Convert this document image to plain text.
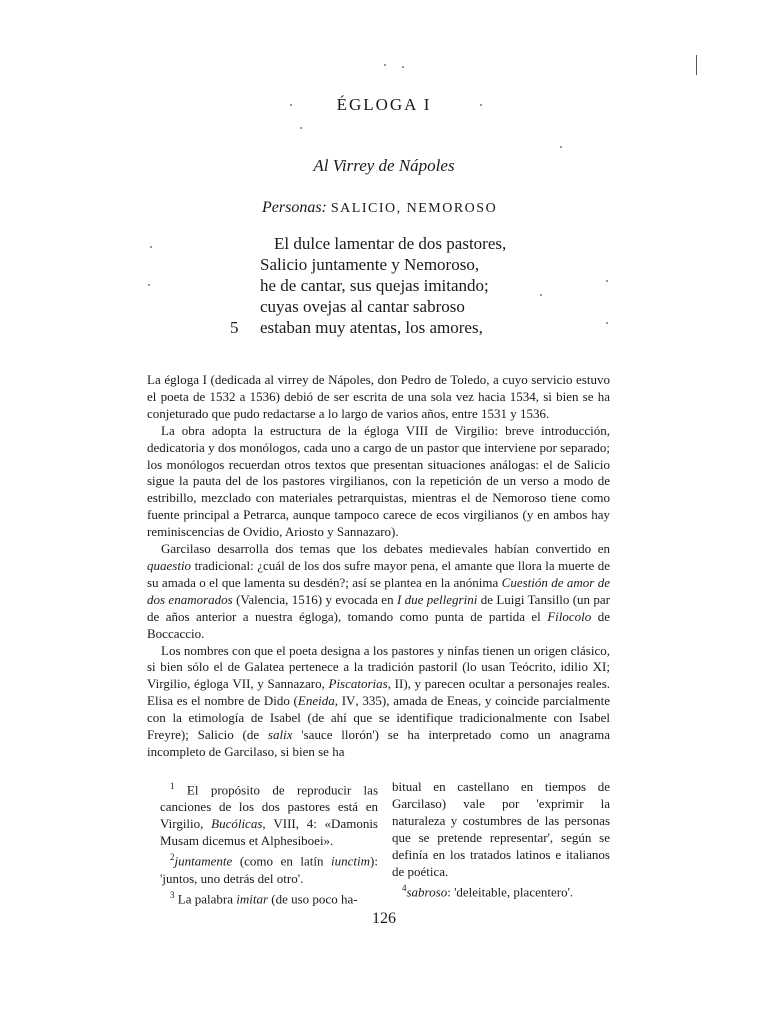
ÉGLOGA I
Al Virrey de Nápoles
Personas: SALICIO, NEMOROSO
El dulce lamentar de dos pastores,
Salicio juntamente y Nemoroso,
he de cantar, sus quejas imitando;
cuyas ovejas al cantar sabroso
5 estaban muy atentas, los amores,

La égloga I (dedicada al virrey de Nápoles, don Pedro de Toledo, a cuyo servicio estuvo el poeta de 1532 a 1536) debió de ser escrita de una sola vez hacia 1534, si bien se ha conjeturado que pudo redactarse a lo largo de varios años, entre 1531 y 1536.

La obra adopta la estructura de la égloga VIII de Virgilio: breve introducción, dedicatoria y dos monólogos, cada uno a cargo de un pastor que interviene por separado; los monólogos recuerdan otros textos que presentan situaciones análogas: el de Salicio sigue la pauta del de los pastores virgilianos, con la repetición de un verso a modo de estribillo, mezclado con materiales petrarquistas, mientras el de Nemoroso tiene como fuente principal a Petrarca, aunque tampoco carece de ecos virgilianos (y en ambos hay reminiscencias de Ovidio, Ariosto y Sannazaro).

Garcilaso desarrolla dos temas que los debates medievales habían convertido en quaestio tradicional: ¿cuál de los dos sufre mayor pena, el amante que llora la muerte de su amada o el que lamenta su desdén?; así se plantea en la anónima Cuestión de amor de dos enamorados (Valencia, 1516) y evocada en I due pellegrini de Luigi Tansillo (un par de años anterior a nuestra égloga), tomando como punta de partida el Filocolo de Boccaccio.

Los nombres con que el poeta designa a los pastores y ninfas tienen un origen clásico, si bien sólo el de Galatea pertenece a la tradición pastoril (lo usan Teócrito, idilio XI; Virgilio, égloga VII, y Sannazaro, Piscatorias, II), y parecen ocultar a personajes reales. Elisa es el nombre de Dido (Eneida, IV, 335), amada de Eneas, y coincide parcialmente con la etimología de Isabel (de ahí que se identifique tradicionalmente con Isabel Freyre); Salicio (de salix 'sauce llorón') se ha interpretado como un anagrama incompleto de Garcilaso, si bien se ha

$^1$ El propósito de reproducir las canciones de los dos pastores está en Virgilio, Bucólicas, VIII, 4: «Damonis Musam dicemus et Alphesiboei».

$^2$juntamente (como en latín iunctim): 'juntos, uno detrás del otro'.

$^3$ La palabra imitar (de uso poco ha-

bitual en castellano en tiempos de Garcilaso) vale por 'exprimir la naturaleza y costumbres de las personas que se pretende representar', según se definía en los tratados latinos e italianos de poética.

$^4$sabroso: 'deleitable, placentero'.

126
